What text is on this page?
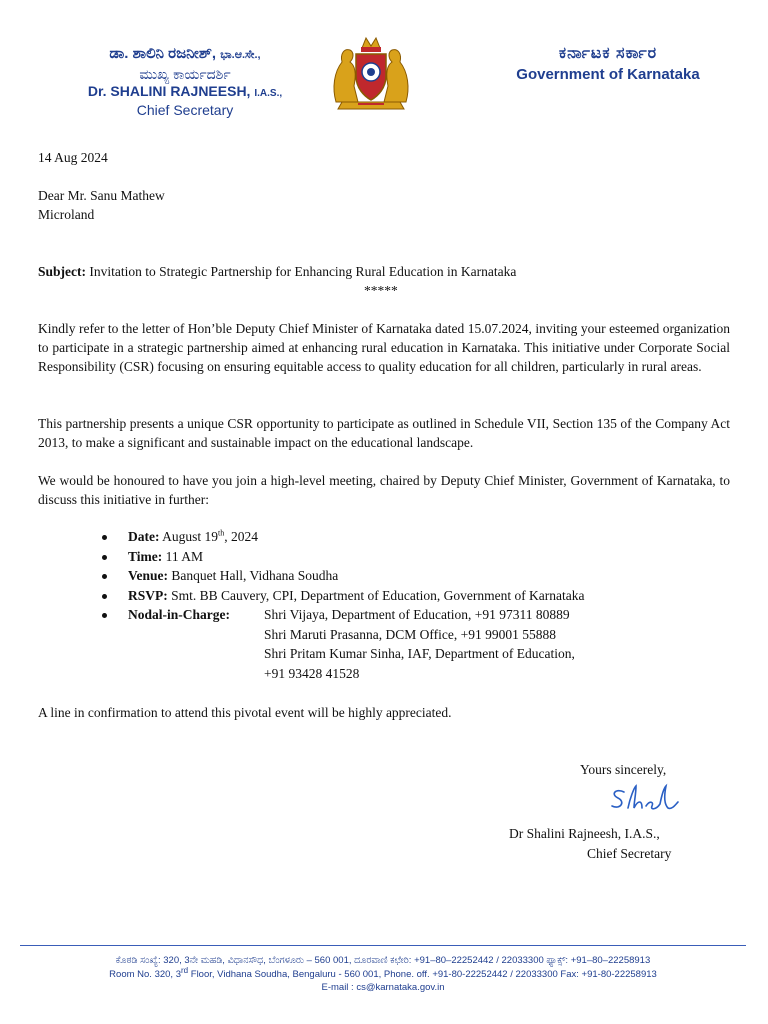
ಡಾ. ಶಾಲಿನಿ ರಜನೀಶ್, ಭಾ.ಆ.ಸೇ.,
ಮುಖ್ಯ ಕಾರ್ಯದರ್ಶಿ
Dr. SHALINI RAJNEESH, I.A.S.,
Chief Secretary
ಕರ್ನಾಟಕ ಸರ್ಕಾರ
Government of Karnataka
14 Aug 2024
Dear Mr. Sanu Mathew
Microland
Subject: Invitation to Strategic Partnership for Enhancing Rural Education in Karnataka
*****
Kindly refer to the letter of Hon’ble Deputy Chief Minister of Karnataka dated 15.07.2024, inviting your esteemed organization to participate in a strategic partnership aimed at enhancing rural education in Karnataka. This initiative under Corporate Social Responsibility (CSR) focusing on ensuring equitable access to quality education for all children, particularly in rural areas.
This partnership presents a unique CSR opportunity to participate as outlined in Schedule VII, Section 135 of the Company Act 2013, to make a significant and sustainable impact on the educational landscape.
We would be honoured to have you join a high-level meeting, chaired by Deputy Chief Minister, Government of Karnataka, to discuss this initiative in further:
Date: August 19th, 2024
Time: 11 AM
Venue: Banquet Hall, Vidhana Soudha
RSVP: Smt. BB Cauvery, CPI, Department of Education, Government of Karnataka
Nodal-in-Charge:	Shri Vijaya, Department of Education, +91 97311 80889
Shri Maruti Prasanna, DCM Office, +91 99001 55888
Shri Pritam Kumar Sinha, IAF, Department of Education,
+91 93428 41528
A line in confirmation to attend this pivotal event will be highly appreciated.
Yours sincerely,
Dr Shalini Rajneesh, I.A.S.,
Chief Secretary
ಕೊಠಡಿ ಸಂಖ್ಯೆ: 320, 3ನೇ ಮಹಡಿ, ವಿಧಾನಸೌಧ, ಬೆಂಗಳೂರು – 560 001, ದೂರವಾಣಿ ಕಛೇರಿ: +91–80–22252442 / 22033300 ಫ್ಯಾಕ್ಸ್: +91–80–22258913
Room No. 320, 3rd Floor, Vidhana Soudha, Bengaluru - 560 001, Phone. off. +91-80-22252442 / 22033300 Fax: +91-80-22258913
E-mail : cs@karnataka.gov.in
